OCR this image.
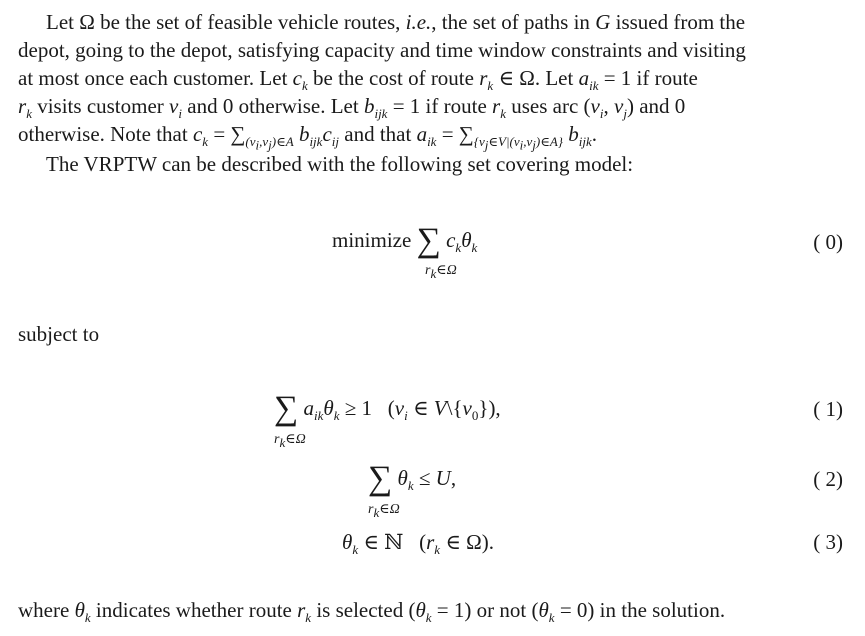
Let Ω be the set of feasible vehicle routes, i.e., the set of paths in G issued from the
depot, going to the depot, satisfying capacity and time window constraints and visiting
at most once each customer. Let $c_k$ be the cost of route $r_k$ ∈ Ω. Let $a_{ik} = 1$ if route
$r_k$ visits customer $v_i$ and 0 otherwise. Let $b_{ijk} = 1$ if route $r_k$ uses arc ($v_i$, $v_j$) and 0
otherwise. Note that $c_k = \sum_{(v_i,v_j)\in A}$ $b_{ijk}c_{ij}$ and that $a_{ik} = \sum_{\{v_j\in V|(v_i,v_j)\in A\}}$ $b_{ijk}$.
The VRPTW can be described with the following set covering model:
minimize ∑ $c_k\theta_k$
$r_k\in\Omega$
( 0)
subject to
∑ $a_{ik}\theta_k \ge 1$   ($v_i$ ∈ $V\backslash\{v_0\}$),
$r_k\in\Omega$
( 1)
∑ $\theta_k \le U$,
$r_k\in\Omega$
( 2)
$\theta_k$ ∈ ℕ   ($r_k$ ∈ Ω).	( 3)
where $\theta_k$ indicates whether route $r_k$ is selected $(\theta_k = 1)$ or not $(\theta_k = 0)$ in the solution.
